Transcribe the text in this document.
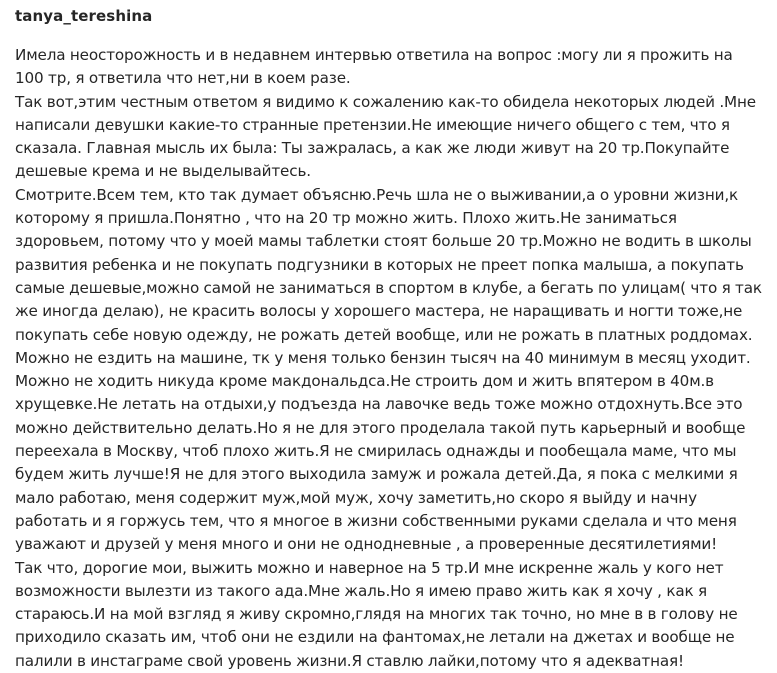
tanya_tereshina
Имела неосторожность и в недавнем интервью ответила на вопрос :могу ли я прожить на 100 тр, я ответила что нет,ни в коем разе.
Так вот,этим честным ответом я видимо к сожалению как-то обидела некоторых людей .Мне написали девушки какие-то странные претензии.Не имеющие ничего общего с тем, что я сказала. Главная мысль их была: Ты зажралась, а как же люди живут на 20 тр.Покупайте дешевые крема и не выделывайтесь.
Смотрите.Всем тем, кто так думает объясню.Речь шла не о выживании,а о уровни жизни,к которому я пришла.Понятно , что на 20 тр можно жить. Плохо жить.Не заниматься здоровьем, потому что у моей мамы таблетки стоят больше 20 тр.Можно не водить в школы развития ребенка и не покупать подгузники в которых не преет попка малыша, а покупать самые дешевые,можно самой не заниматься в спортом в клубе, а бегать по улицам( что я так же иногда делаю), не красить волосы у хорошего мастера, не наращивать и ногти тоже,не покупать себе новую одежду, не рожать детей вообще, или не рожать в платных роддомах. Можно не ездить на машине, тк у меня только бензин тысяч на 40 минимум в месяц уходит. Можно не ходить никуда кроме макдональдса.Не строить дом и жить впятером в 40м.в хрущевке.Не летать на отдыхи,у подъезда на лавочке ведь тоже можно отдохнуть.Все это можно действительно делать.Но я не для этого проделала такой путь карьерный и вообще переехала в Москву, чтоб плохо жить.Я не смирилась однажды и пообещала маме, что мы будем жить лучше!Я не для этого выходила замуж и рожала детей.Да, я пока с мелкими я мало работаю, меня содержит муж,мой муж, хочу заметить,но скоро я выйду и начну работать и я горжусь тем, что я многое в жизни собственными руками сделала и что меня уважают и друзей у меня много и они не однодневные , а проверенные десятилетиями!
Так что, дорогие мои, выжить можно и наверное на 5 тр.И мне искренне жаль у кого нет возможности вылезти из такого ада.Мне жаль.Но я имею право жить как я хочу , как я стараюсь.И на мой взгляд я живу скромно,глядя на многих так точно, но мне в в голову не приходило сказать им, чтоб они не ездили на фантомах,не летали на джетах и вообще не палили в инстаграме свой уровень жизни.Я ставлю лайки,потому что я адекватная!
